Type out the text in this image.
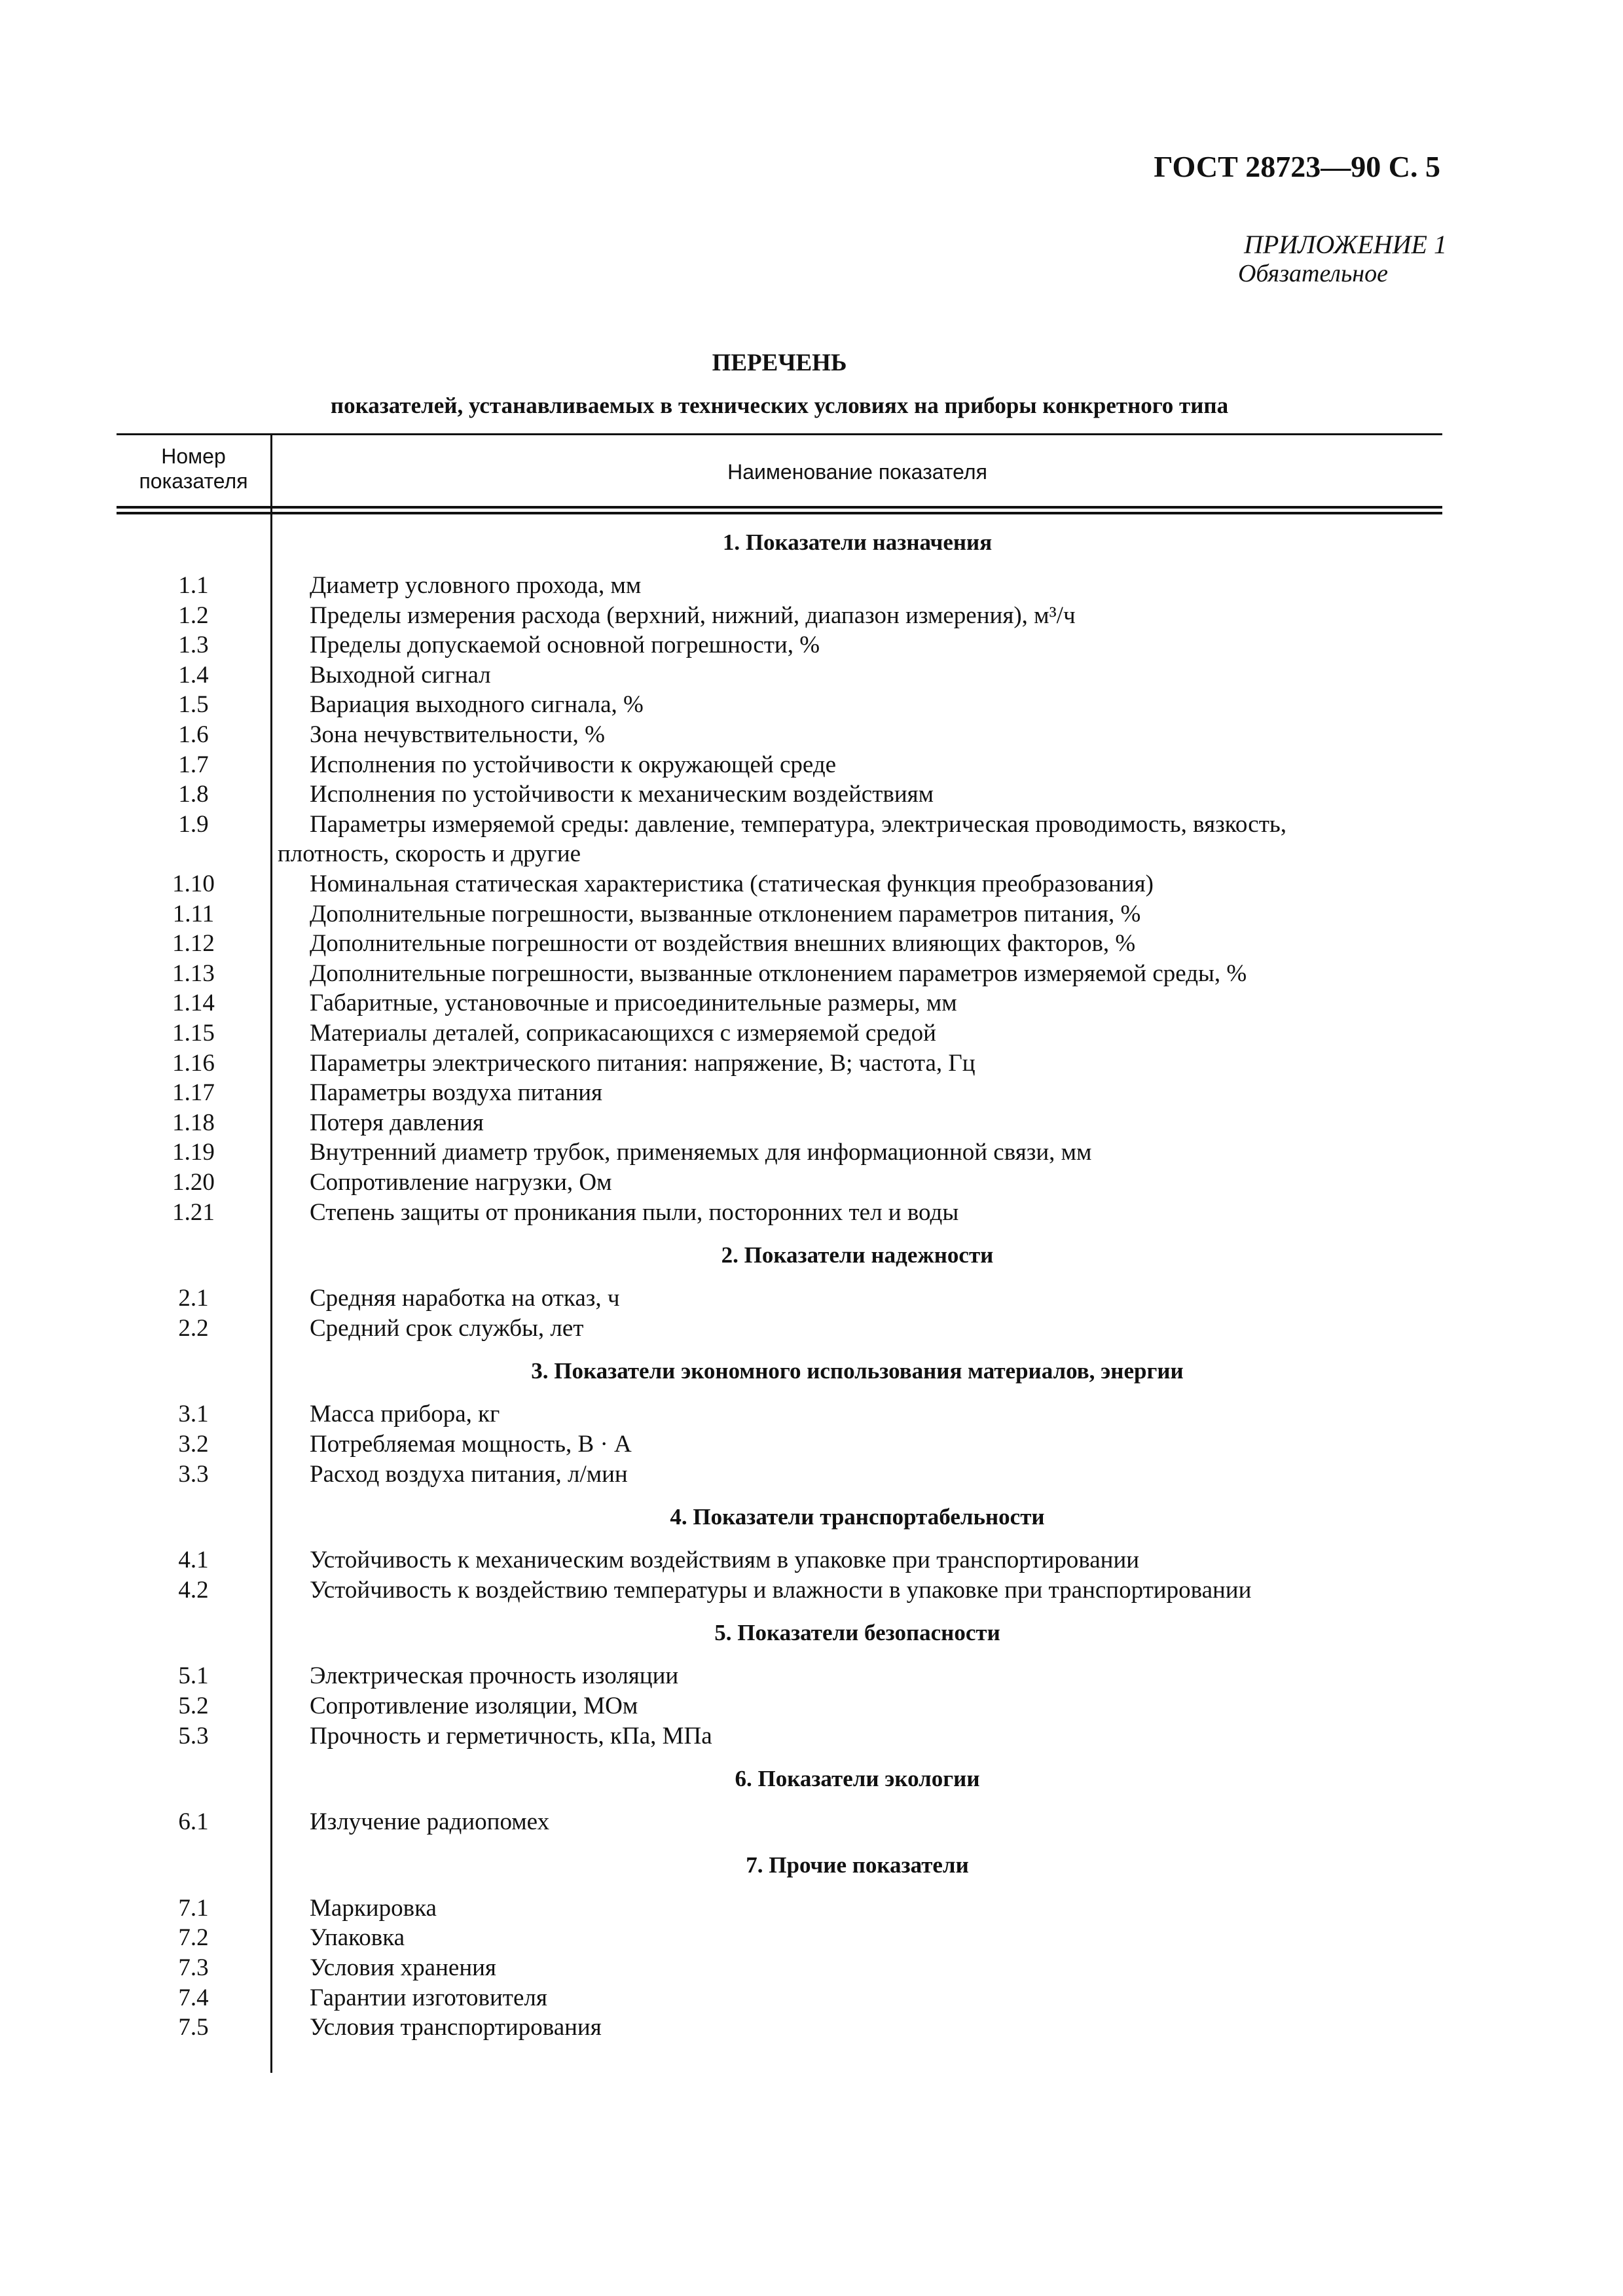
ГОСТ 28723—90 С. 5
ПРИЛОЖЕНИЕ 1
Обязательное
ПЕРЕЧЕНЬ
показателей, устанавливаемых в технических условиях на приборы конкретного типа
Номер
показателя	Наименование показателя
1. Показатели назначения
1.1	Диаметр условного прохода, мм
1.2	Пределы измерения расхода (верхний, нижний, диапазон измерения), м³/ч
1.3	Пределы допускаемой основной погрешности, %
1.4	Выходной сигнал
1.5	Вариация выходного сигнала, %
1.6	Зона нечувствительности, %
1.7	Исполнения по устойчивости к окружающей среде
1.8	Исполнения по устойчивости к механическим воздействиям
1.9	Параметры измеряемой среды: давление, температура, электрическая проводимость, вязкость,
плотность, скорость и другие
1.10	Номинальная статическая характеристика (статическая функция преобразования)
1.11	Дополнительные погрешности, вызванные отклонением параметров питания, %
1.12	Дополнительные погрешности от воздействия внешних влияющих факторов, %
1.13	Дополнительные погрешности, вызванные отклонением параметров измеряемой среды, %
1.14	Габаритные, установочные и присоединительные размеры, мм
1.15	Материалы деталей, соприкасающихся с измеряемой средой
1.16	Параметры электрического питания: напряжение, В; частота, Гц
1.17	Параметры воздуха питания
1.18	Потеря давления
1.19	Внутренний диаметр трубок, применяемых для информационной связи, мм
1.20	Сопротивление нагрузки, Ом
1.21	Степень защиты от проникания пыли, посторонних тел и воды
2. Показатели надежности
2.1	Средняя наработка на отказ, ч
2.2	Средний срок службы, лет
3. Показатели экономного использования материалов, энергии
3.1	Масса прибора, кг
3.2	Потребляемая мощность, В · А
3.3	Расход воздуха питания, л/мин
4. Показатели транспортабельности
4.1	Устойчивость к механическим воздействиям в упаковке при транспортировании
4.2	Устойчивость к воздействию температуры и влажности в упаковке при транспортировании
5. Показатели безопасности
5.1	Электрическая прочность изоляции
5.2	Сопротивление изоляции, МОм
5.3	Прочность и герметичность, кПа, МПа
6. Показатели экологии
6.1	Излучение радиопомех
7. Прочие показатели
7.1	Маркировка
7.2	Упаковка
7.3	Условия хранения
7.4	Гарантии изготовителя
7.5	Условия транспортирования
